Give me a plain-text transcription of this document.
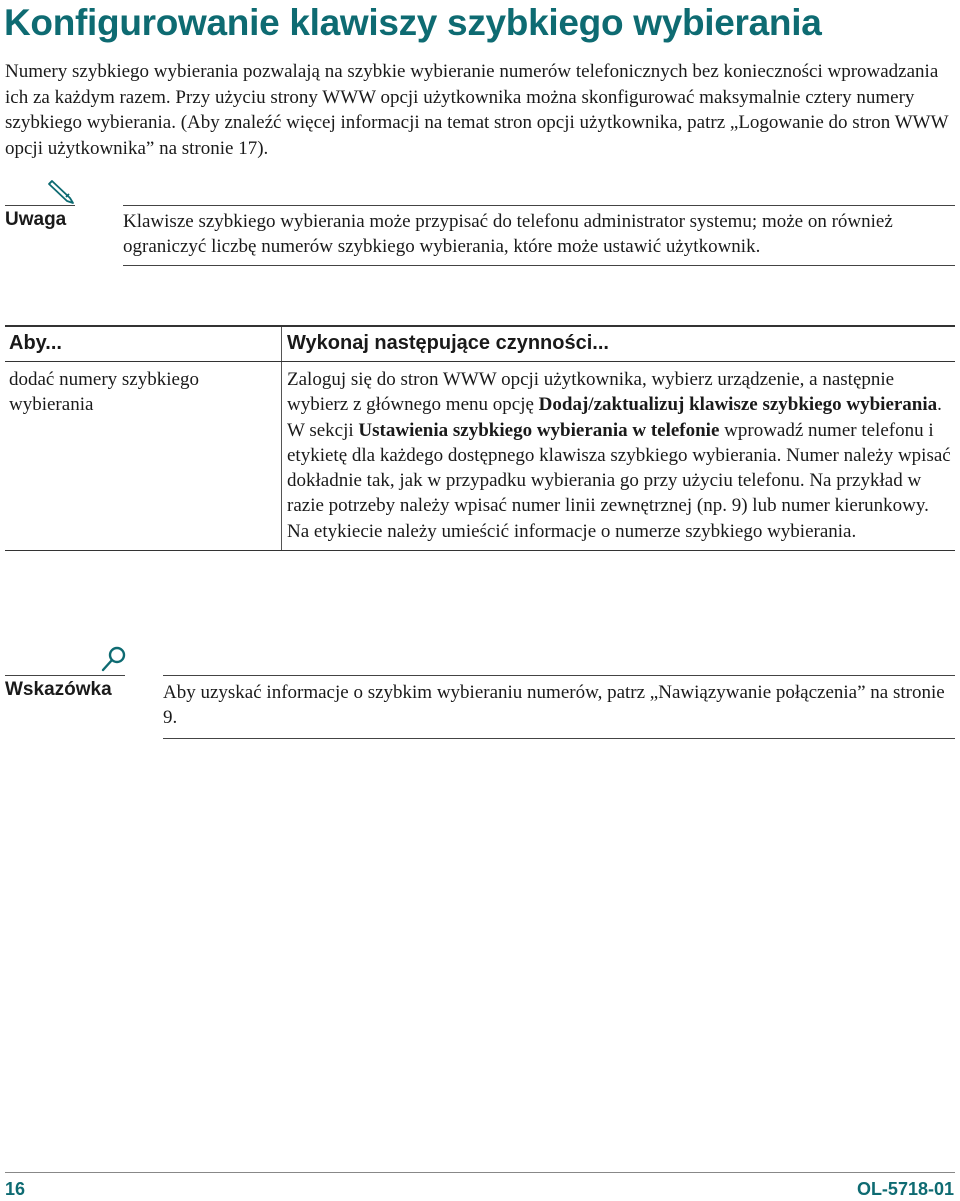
Konfigurowanie klawiszy szybkiego wybierania
Numery szybkiego wybierania pozwalają na szybkie wybieranie numerów telefonicznych bez konieczności wprowadzania ich za każdym razem. Przy użyciu strony WWW opcji użytkownika można skonfigurować maksymalnie cztery numery szybkiego wybierania. (Aby znaleźć więcej informacji na temat stron opcji użytkownika, patrz „Logowanie do stron WWW opcji użytkownika” na stronie 17).
Uwaga	Klawisze szybkiego wybierania może przypisać do telefonu administrator systemu; może on również ograniczyć liczbę numerów szybkiego wybierania, które może ustawić użytkownik.
Aby...	Wykonaj następujące czynności...
dodać numery szybkiego wybierania	Zaloguj się do stron WWW opcji użytkownika, wybierz urządzenie, a następnie wybierz z głównego menu opcję Dodaj/zaktualizuj klawisze szybkiego wybierania. W sekcji Ustawienia szybkiego wybierania w telefonie wprowadź numer telefonu i etykietę dla każdego dostępnego klawisza szybkiego wybierania. Numer należy wpisać dokładnie tak, jak w przypadku wybierania go przy użyciu telefonu. Na przykład w razie potrzeby należy wpisać numer linii zewnętrznej (np. 9) lub numer kierunkowy. Na etykiecie należy umieścić informacje o numerze szybkiego wybierania.
Wskazówka	Aby uzyskać informacje o szybkim wybieraniu numerów, patrz „Nawiązywanie połączenia” na stronie 9.
16	OL-5718-01
